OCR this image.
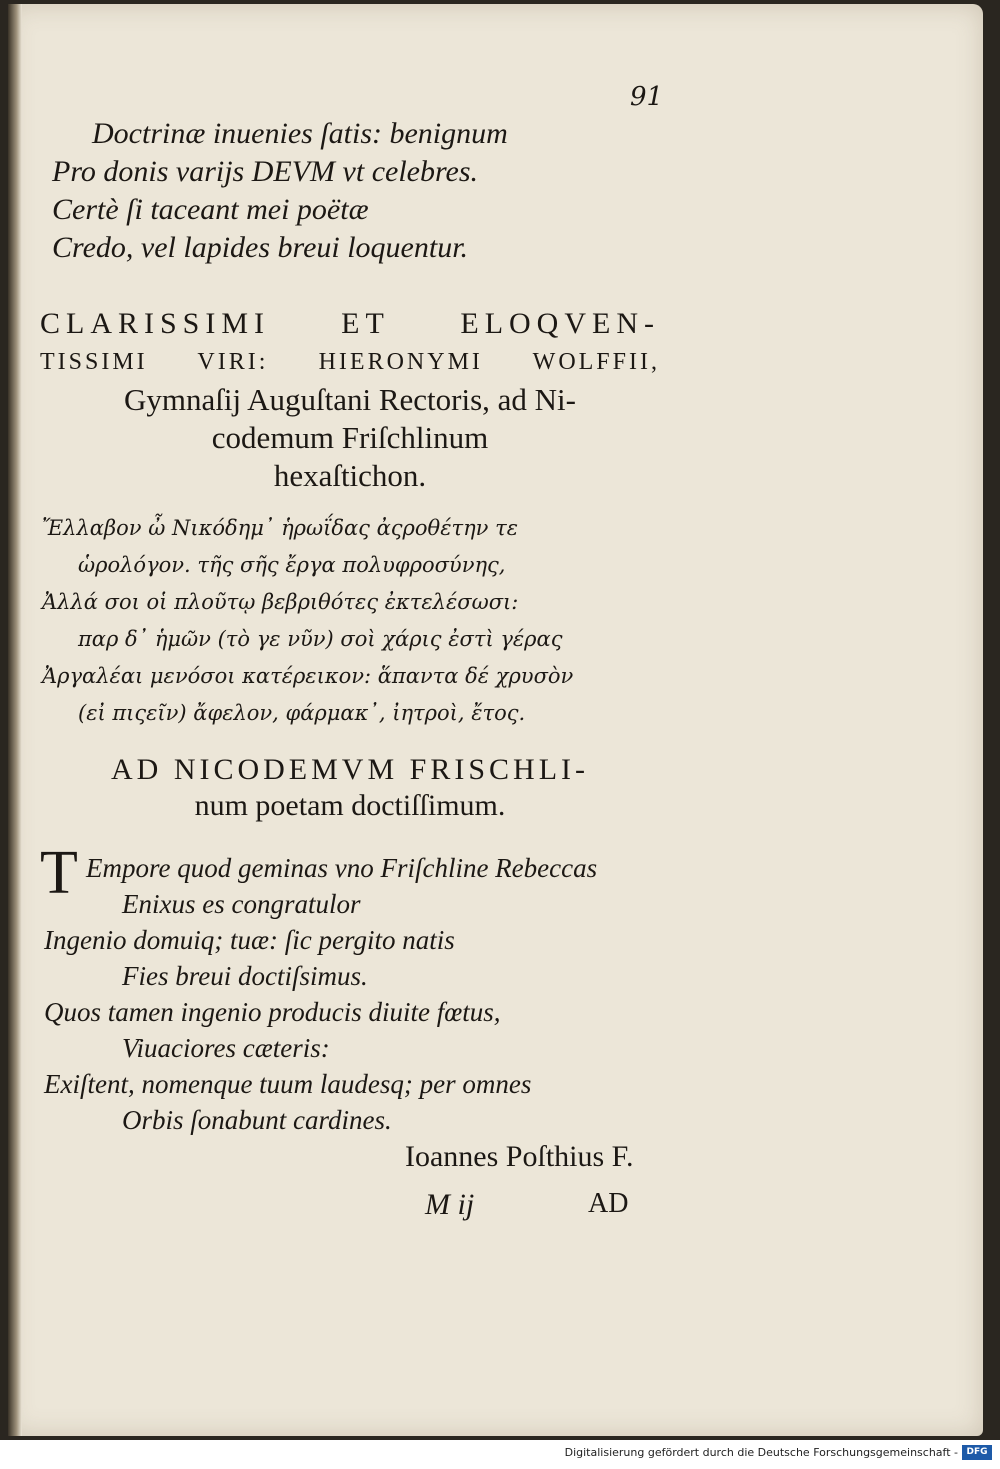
91
Doctrinæ inuenies ſatis: benignum
Pro donis varijs DEVM vt celebres.
Certè ſi taceant mei poëtæ
Credo, vel lapides breui loquentur.
CLARISSIMI ET ELOQVEN-
TISSIMI VIRI: HIERONYMI WOLFFII,
Gymnaſij Auguſtani Rectoris, ad Ni-
codemum Friſchlinum
hexaſtichon.
Ἔλλαβον ὦ Νικόδημ᾽ ἡρωΐδας ἀςροθέτην τε
ὡρολόγον. τῆς σῆς ἔργα πολυφροσύνης,
Ἀλλά σοι οἱ πλοῦτῳ βεβριθότες ἐκτελέσωσι:
παρ δ᾽ ἡμῶν (τὸ γε νῦν) σοὶ χάρις ἐστὶ γέρας
Ἀργαλέαι μενόσοι κατέρεικον: ἅπαντα δέ χρυσὸν
(εἰ πιςεῖν) ἄφελον, φάρμακ᾽, ἰητροὶ, ἔτος.
AD NICODEMVM FRISCHLI-
num poetam doctiſſimum.
T Empore quod geminas vno Friſchline Rebeccas
Enixus es congratulor
Ingenio domuiq; tuæ: ſic pergito natis
Fies breui doctiſsimus.
Quos tamen ingenio producis diuite fœtus,
Viuaciores cæteris:
Exiſtent, nomenque tuum laudesq; per omnes
Orbis ſonabunt cardines.
Ioannes Poſthius F.
M ij	AD
Digitalisierung gefördert durch die Deutsche Forschungsgemeinschaft - DFG
